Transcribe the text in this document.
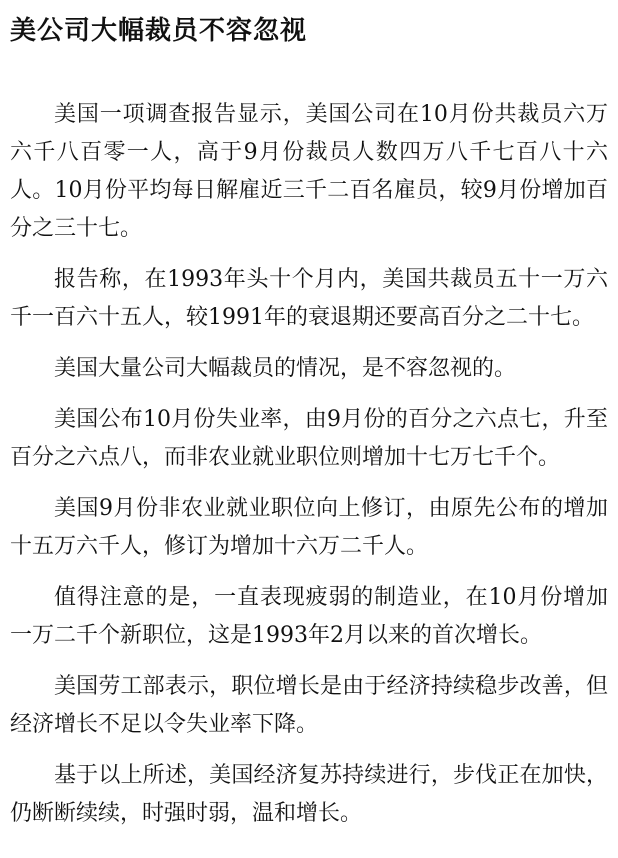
美公司大幅裁员不容忽视

美国一项调查报告显示，美国公司在10月份共裁员六万六千八百零一人，高于9月份裁员人数四万八千七百八十六人。10月份平均每日解雇近三千二百名雇员，较9月份增加百分之三十七。

报告称，在1993年头十个月内，美国共裁员五十一万六千一百六十五人，较1991年的衰退期还要高百分之二十七。

美国大量公司大幅裁员的情况，是不容忽视的。

美国公布10月份失业率，由9月份的百分之六点七，升至百分之六点八，而非农业就业职位则增加十七万七千个。

美国9月份非农业就业职位向上修订，由原先公布的增加十五万六千人，修订为增加十六万二千人。

值得注意的是，一直表现疲弱的制造业，在10月份增加一万二千个新职位，这是1993年2月以来的首次增长。

美国劳工部表示，职位增长是由于经济持续稳步改善，但经济增长不足以令失业率下降。

基于以上所述，美国经济复苏持续进行，步伐正在加快，仍断断续续，时强时弱，温和增长。
